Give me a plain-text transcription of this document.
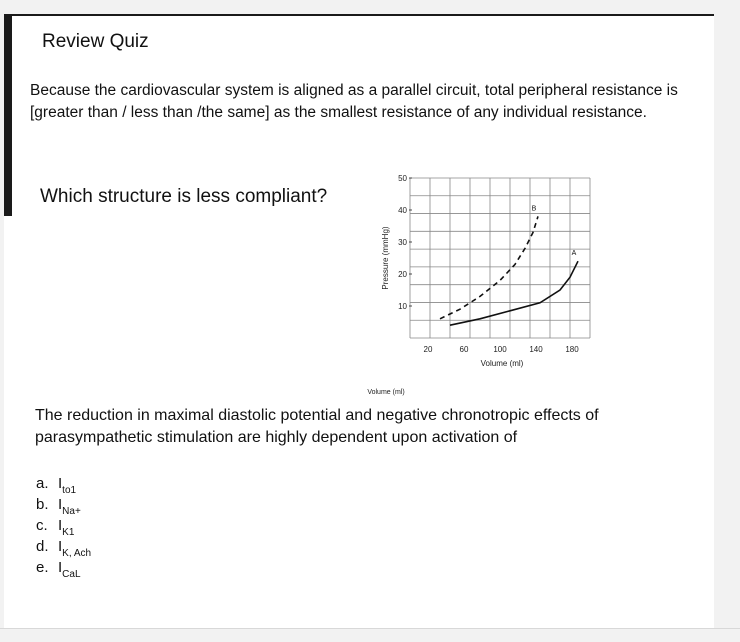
Review Quiz
Because the cardiovascular system is aligned as a parallel circuit, total peripheral resistance is [greater than / less than /the same] as the smallest resistance of any individual resistance.
Which structure is less compliant?
10
20
30
40
50
20	60	100	140	180
Volume (ml)
Pressure (mmHg)
Volume (ml)
A
B
The reduction in maximal diastolic potential and negative chronotropic effects of parasympathetic stimulation are highly dependent upon activation of
a. I to1
b. I Na+
c. I K1
d. I K, Ach
e. I CaL
